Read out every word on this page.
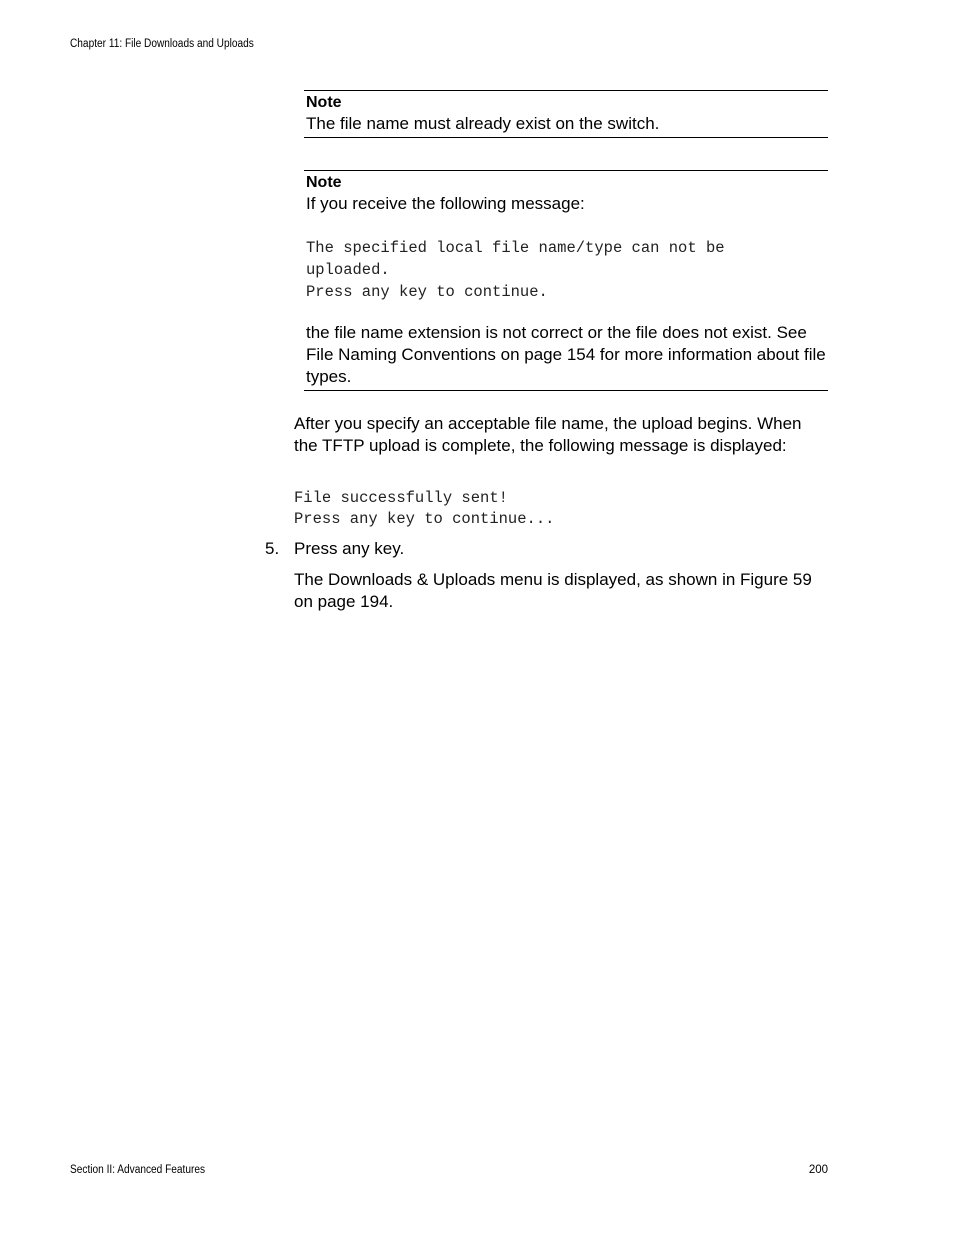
Chapter 11: File Downloads and Uploads
Note
The file name must already exist on the switch.
Note
If you receive the following message:
The specified local file name/type can not be
uploaded.
Press any key to continue.
the file name extension is not correct or the file does not exist. See File Naming Conventions on page 154 for more information about file types.
After you specify an acceptable file name, the upload begins. When the TFTP upload is complete, the following message is displayed:
File successfully sent!
Press any key to continue...
5. Press any key.
The Downloads & Uploads menu is displayed, as shown in Figure 59 on page 194.
Section II: Advanced Features	200
